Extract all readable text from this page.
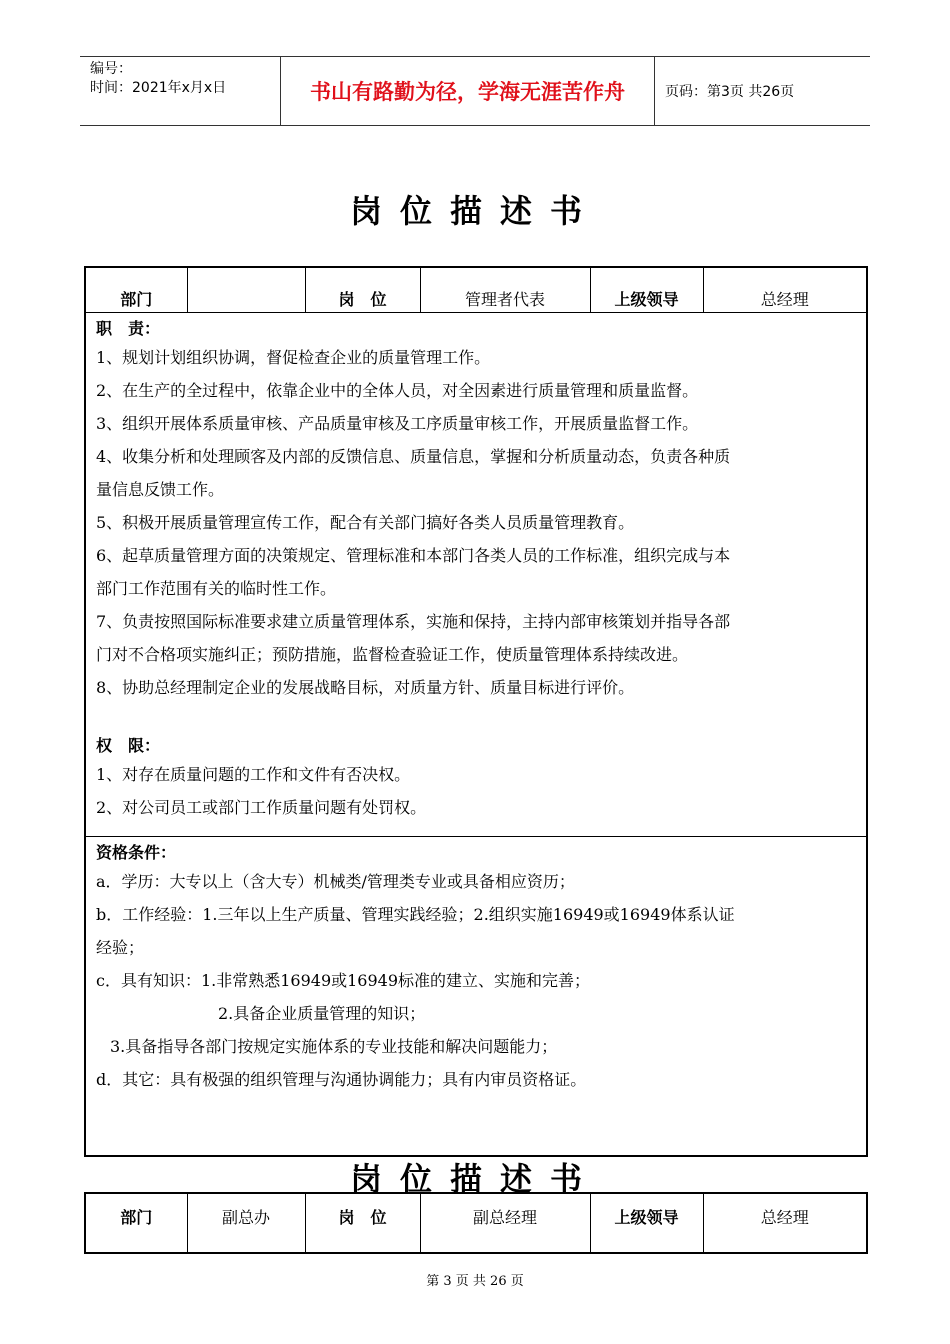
编号：
时间：2021年x月x日	书山有路勤为径，学海无涯苦作舟	页码：第3页 共26页
岗位描述书
部门		岗　位	管理者代表	上级领导	总经理

职　责：
1、规划计划组织协调，督促检查企业的质量管理工作。
2、在生产的全过程中，依靠企业中的全体人员，对全因素进行质量管理和质量监督。
3、组织开展体系质量审核、产品质量审核及工序质量审核工作，开展质量监督工作。
4、收集分析和处理顾客及内部的反馈信息、质量信息，掌握和分析质量动态，负责各种质
量信息反馈工作。
5、积极开展质量管理宣传工作，配合有关部门搞好各类人员质量管理教育。
6、起草质量管理方面的决策规定、管理标准和本部门各类人员的工作标准，组织完成与本
部门工作范围有关的临时性工作。
7、负责按照国际标准要求建立质量管理体系，实施和保持，主持内部审核策划并指导各部
门对不合格项实施纠正；预防措施，监督检查验证工作，使质量管理体系持续改进。
8、协助总经理制定企业的发展战略目标，对质量方针、质量目标进行评价。
权　限：
1、对存在质量问题的工作和文件有否决权。
2、对公司员工或部门工作质量问题有处罚权。

资格条件：
a．学历：大专以上（含大专）机械类/管理类专业或具备相应资历；
b．工作经验：1.三年以上生产质量、管理实践经验；2.组织实施16949或16949体系认证
经验；
c．具有知识：1.非常熟悉16949或16949标准的建立、实施和完善；
2.具备企业质量管理的知识；
3.具备指导各部门按规定实施体系的专业技能和解决问题能力；
d．其它：具有极强的组织管理与沟通协调能力；具有内审员资格证。
岗位描述书
部门	副总办	岗　位	副总经理	上级领导	总经理
第 3 页 共 26 页
